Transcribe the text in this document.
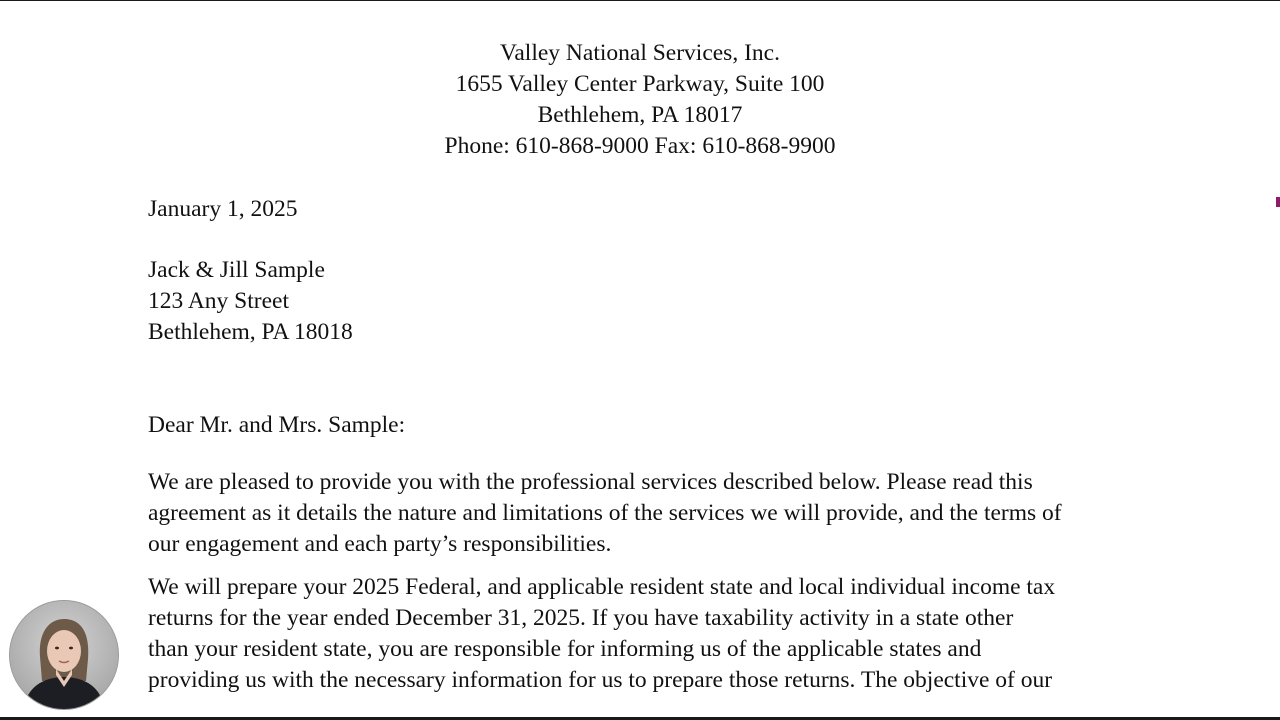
Valley National Services, Inc.
1655 Valley Center Parkway, Suite 100
Bethlehem, PA 18017
Phone: 610-868-9000 Fax: 610-868-9900
January 1, 2025
Jack & Jill Sample
123 Any Street
Bethlehem, PA 18018
Dear Mr. and Mrs. Sample:
We are pleased to provide you with the professional services described below. Please read this
agreement as it details the nature and limitations of the services we will provide, and the terms of
our engagement and each party’s responsibilities.
We will prepare your 2025 Federal, and applicable resident state and local individual income tax
returns for the year ended December 31, 2025. If you have taxability activity in a state other
than your resident state, you are responsible for informing us of the applicable states and
providing us with the necessary information for us to prepare those returns. The objective of our
